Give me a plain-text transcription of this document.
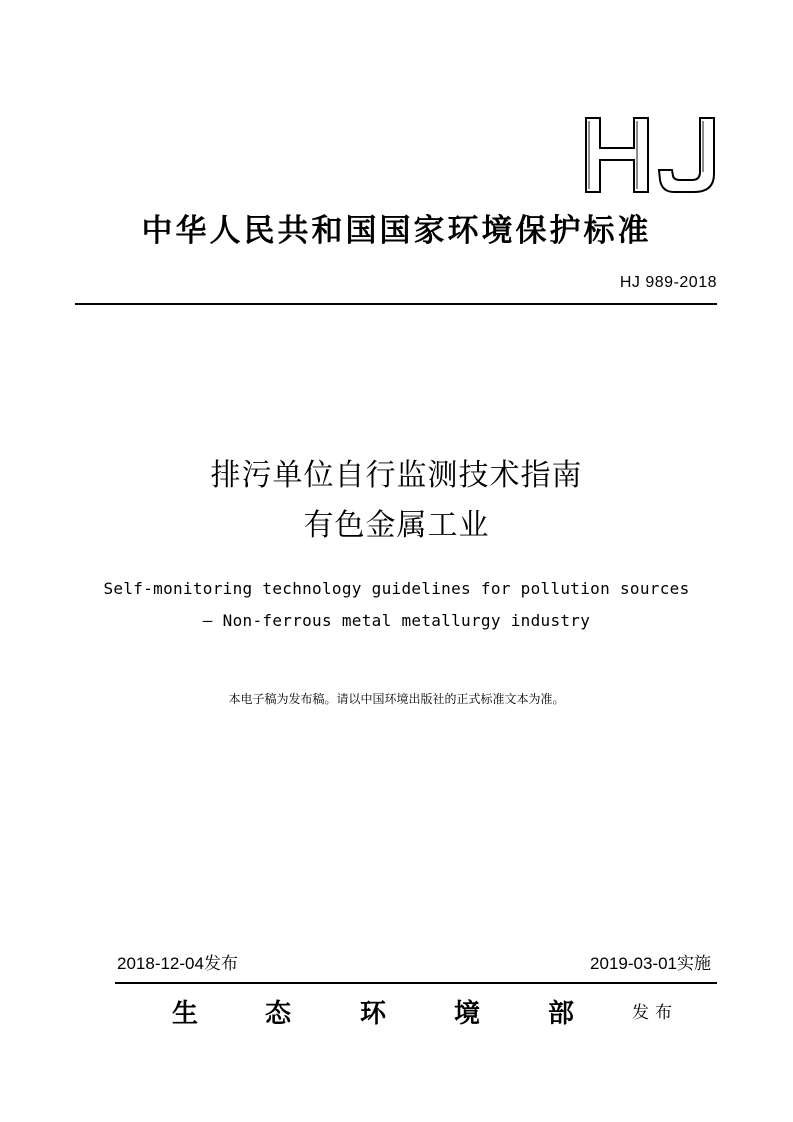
中华人民共和国国家环境保护标准
HJ 989-2018
排污单位自行监测技术指南
有色金属工业
Self-monitoring technology guidelines for pollution sources
— Non-ferrous metal metallurgy industry
本电子稿为发布稿。请以中国环境出版社的正式标准文本为准。
2018-12-04发布	2019-03-01实施
生	态	环	境	部	发布
